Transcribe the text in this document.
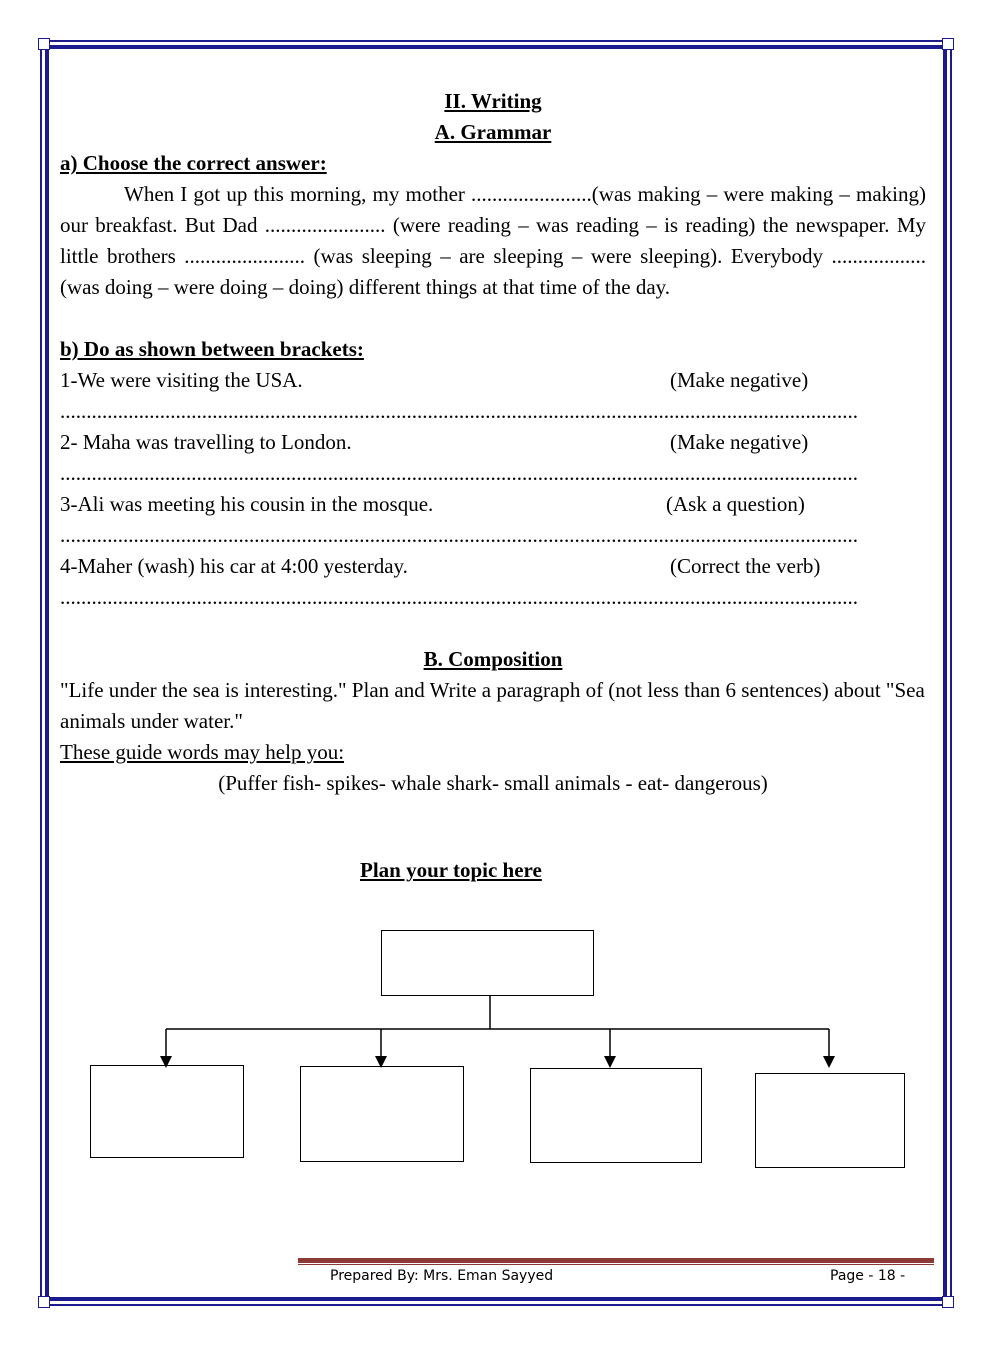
II. Writing
A. Grammar
a) Choose the correct answer:
When I got up this morning, my mother .......................(was making – were making – making) our breakfast. But Dad ....................... (were reading – was reading – is reading) the newspaper. My little brothers ....................... (was sleeping – are sleeping – were sleeping). Everybody .................. (was doing – were doing – doing) different things at that time of the day.
b) Do as shown between brackets:
1-We were visiting the USA.	(Make negative)
........................................................................................................................................................
2- Maha was travelling to London.	(Make negative)
........................................................................................................................................................
3-Ali was meeting his cousin in the mosque.	(Ask a question)
........................................................................................................................................................
4-Maher (wash) his car at 4:00 yesterday.	(Correct the verb)
........................................................................................................................................................
B. Composition
"Life under the sea is interesting." Plan and Write a paragraph of (not less than 6 sentences) about "Sea animals under water."
These guide words may help you:
(Puffer fish- spikes- whale shark- small animals - eat- dangerous)
Plan your topic here
Prepared By: Mrs. Eman Sayyed	Page - 18 -
